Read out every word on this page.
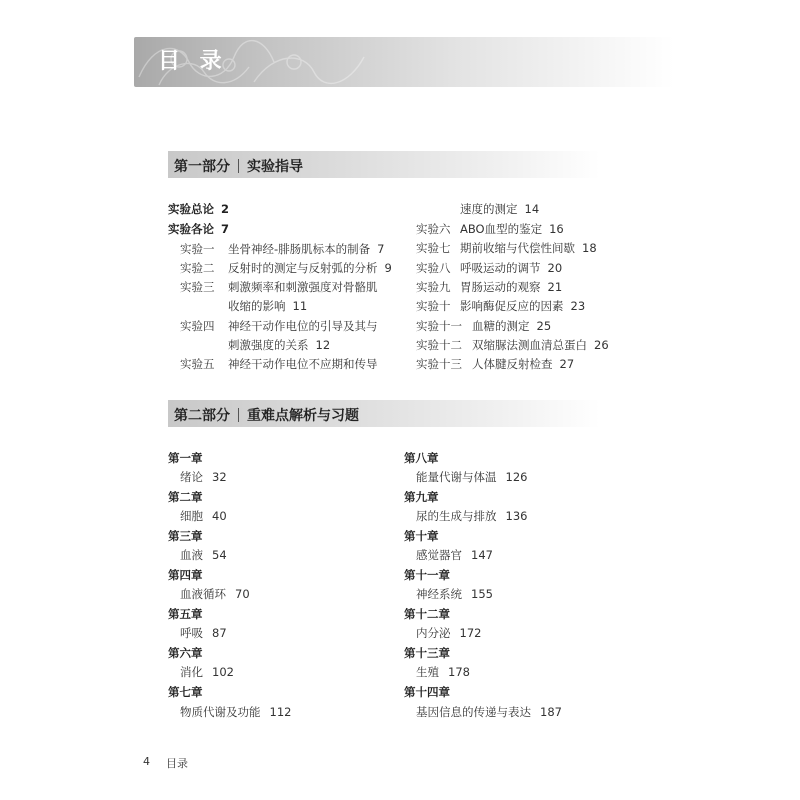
目 录
第一部分 实验指导
实验总论 2
实验各论 7
实验一 坐骨神经-腓肠肌标本的制备 7
实验二 反射时的测定与反射弧的分析 9
实验三 刺激频率和刺激强度对骨骼肌
收缩的影响 11
实验四 神经干动作电位的引导及其与
刺激强度的关系 12
实验五 神经干动作电位不应期和传导
速度的测定 14
实验六 ABO血型的鉴定 16
实验七 期前收缩与代偿性间歇 18
实验八 呼吸运动的调节 20
实验九 胃肠运动的观察 21
实验十 影响酶促反应的因素 23
实验十一 血糖的测定 25
实验十二 双缩脲法测血清总蛋白 26
实验十三 人体腱反射检查 27
第二部分 重难点解析与习题
第一章
绪论 32
第二章
细胞 40
第三章
血液 54
第四章
血液循环 70
第五章
呼吸 87
第六章
消化 102
第七章
物质代谢及功能 112
第八章
能量代谢与体温 126
第九章
尿的生成与排放 136
第十章
感觉器官 147
第十一章
神经系统 155
第十二章
内分泌 172
第十三章
生殖 178
第十四章
基因信息的传递与表达 187
4 目录
